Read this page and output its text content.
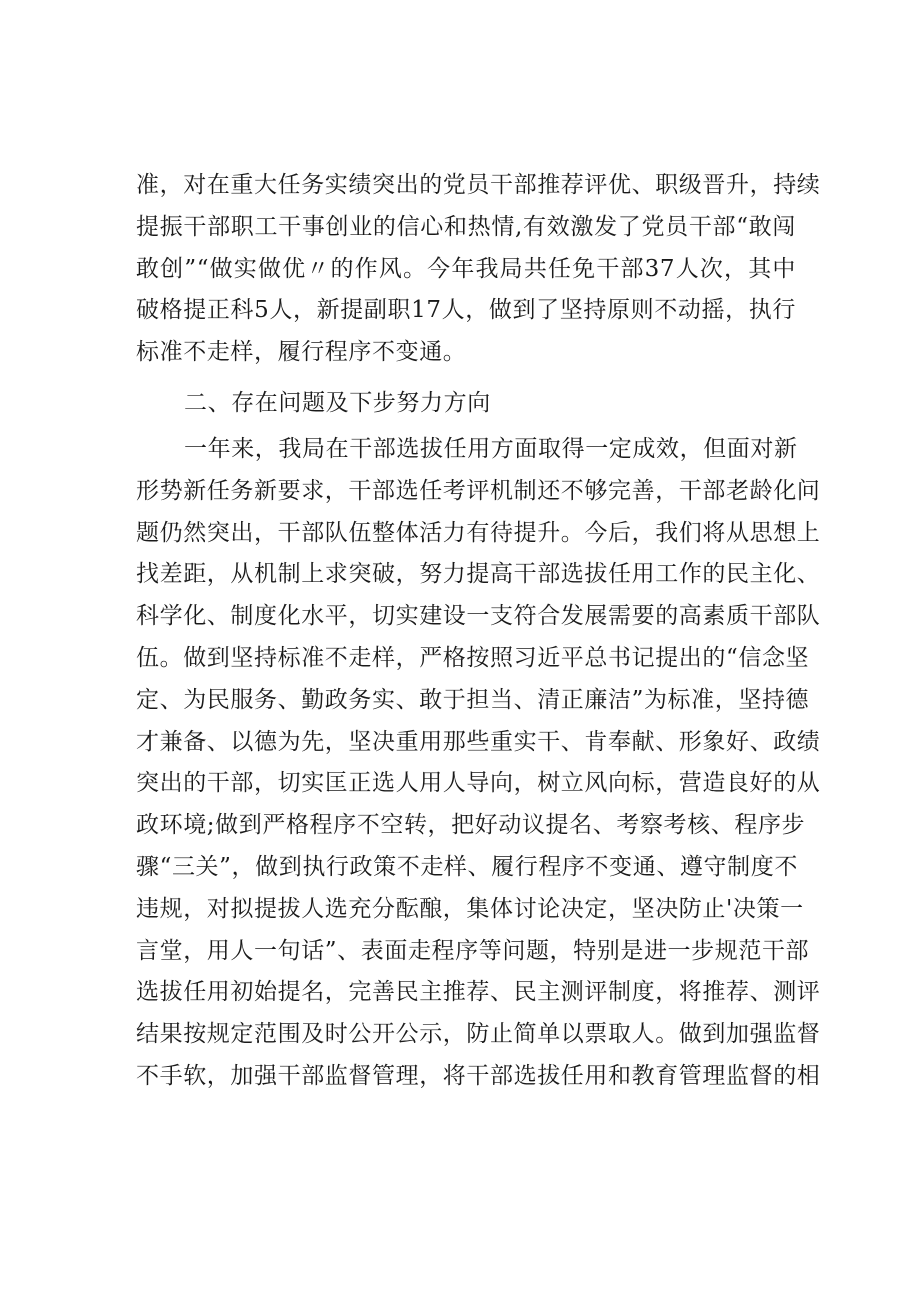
准，对在重大任务实绩突出的党员干部推荐评优、职级晋升，持续
提振干部职工干事创业的信心和热情,有效激发了党员干部“敢闯
敢创”“做实做优〃的作风。今年我局共任免干部37人次，其中
破格提正科5人，新提副职17人，做到了坚持原则不动摇，执行
标准不走样，履行程序不变通。
二、存在问题及下步努力方向
一年来，我局在干部选拔任用方面取得一定成效，但面对新
形势新任务新要求，干部选任考评机制还不够完善，干部老龄化问
题仍然突出，干部队伍整体活力有待提升。今后，我们将从思想上
找差距，从机制上求突破，努力提高干部选拔任用工作的民主化、
科学化、制度化水平，切实建设一支符合发展需要的高素质干部队
伍。做到坚持标准不走样，严格按照习近平总书记提出的“信念坚
定、为民服务、勤政务实、敢于担当、清正廉洁”为标准，坚持德
才兼备、以德为先，坚决重用那些重实干、肯奉献、形象好、政绩
突出的干部，切实匡正选人用人导向，树立风向标，营造良好的从
政环境;做到严格程序不空转，把好动议提名、考察考核、程序步
骤“三关”，做到执行政策不走样、履行程序不变通、遵守制度不
违规，对拟提拔人选充分酝酿，集体讨论决定，坚决防止'决策一
言堂，用人一句话”、表面走程序等问题，特别是进一步规范干部
选拔任用初始提名，完善民主推荐、民主测评制度，将推荐、测评
结果按规定范围及时公开公示，防止简单以票取人。做到加强监督
不手软，加强干部监督管理，将干部选拔任用和教育管理监督的相
